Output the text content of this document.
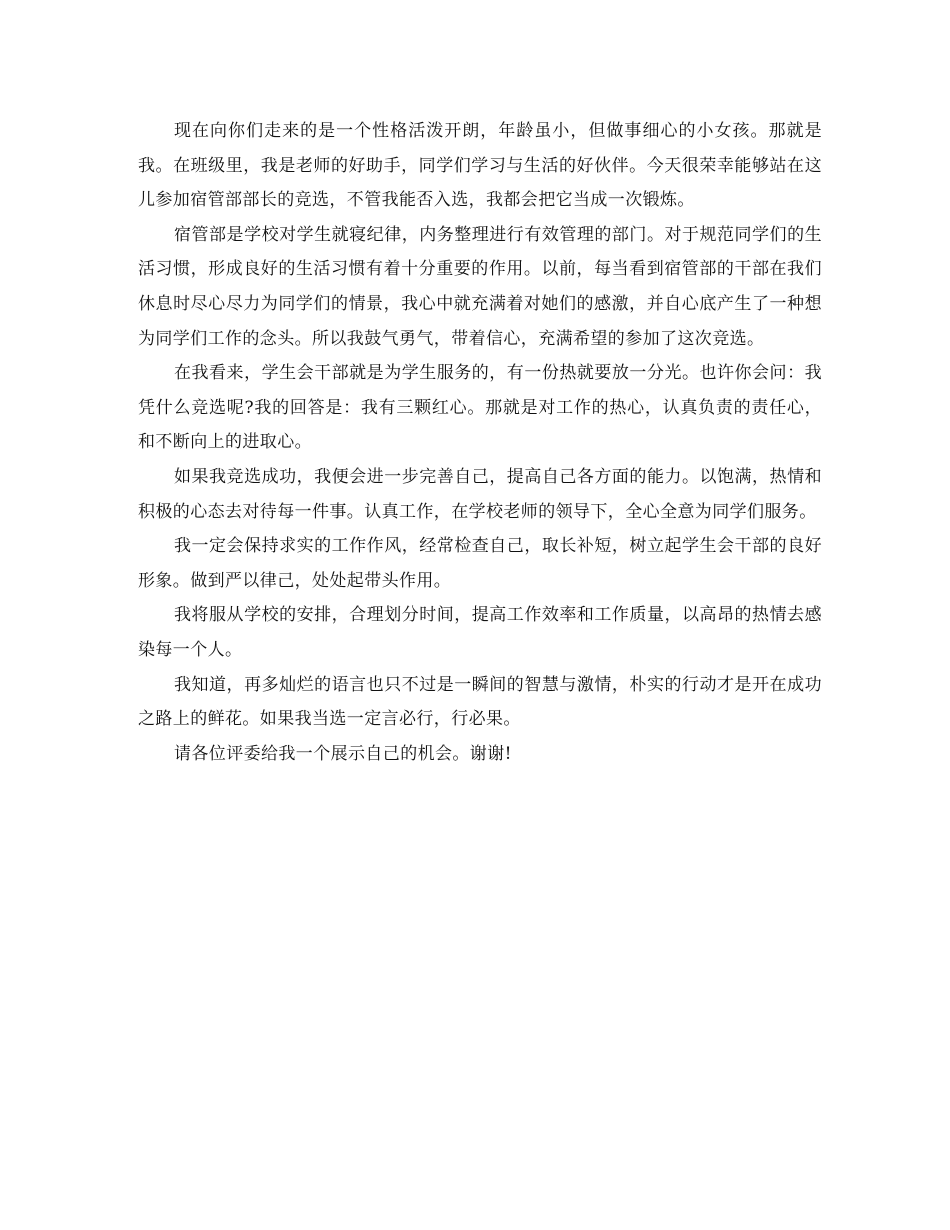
现在向你们走来的是一个性格活泼开朗，年龄虽小，但做事细心的小女孩。那就是我。在班级里，我是老师的好助手，同学们学习与生活的好伙伴。今天很荣幸能够站在这儿参加宿管部部长的竞选，不管我能否入选，我都会把它当成一次锻炼。

宿管部是学校对学生就寝纪律，内务整理进行有效管理的部门。对于规范同学们的生活习惯，形成良好的生活习惯有着十分重要的作用。以前，每当看到宿管部的干部在我们休息时尽心尽力为同学们的情景，我心中就充满着对她们的感激，并自心底产生了一种想为同学们工作的念头。所以我鼓气勇气，带着信心，充满希望的参加了这次竞选。

在我看来，学生会干部就是为学生服务的，有一份热就要放一分光。也许你会问：我凭什么竞选呢?我的回答是：我有三颗红心。那就是对工作的热心，认真负责的责任心，和不断向上的进取心。

如果我竞选成功，我便会进一步完善自己，提高自己各方面的能力。以饱满，热情和积极的心态去对待每一件事。认真工作，在学校老师的领导下，全心全意为同学们服务。

我一定会保持求实的工作作风，经常检查自己，取长补短，树立起学生会干部的良好形象。做到严以律己，处处起带头作用。

我将服从学校的安排，合理划分时间，提高工作效率和工作质量，以高昂的热情去感染每一个人。

我知道，再多灿烂的语言也只不过是一瞬间的智慧与激情，朴实的行动才是开在成功之路上的鲜花。如果我当选一定言必行，行必果。

请各位评委给我一个展示自己的机会。谢谢!
